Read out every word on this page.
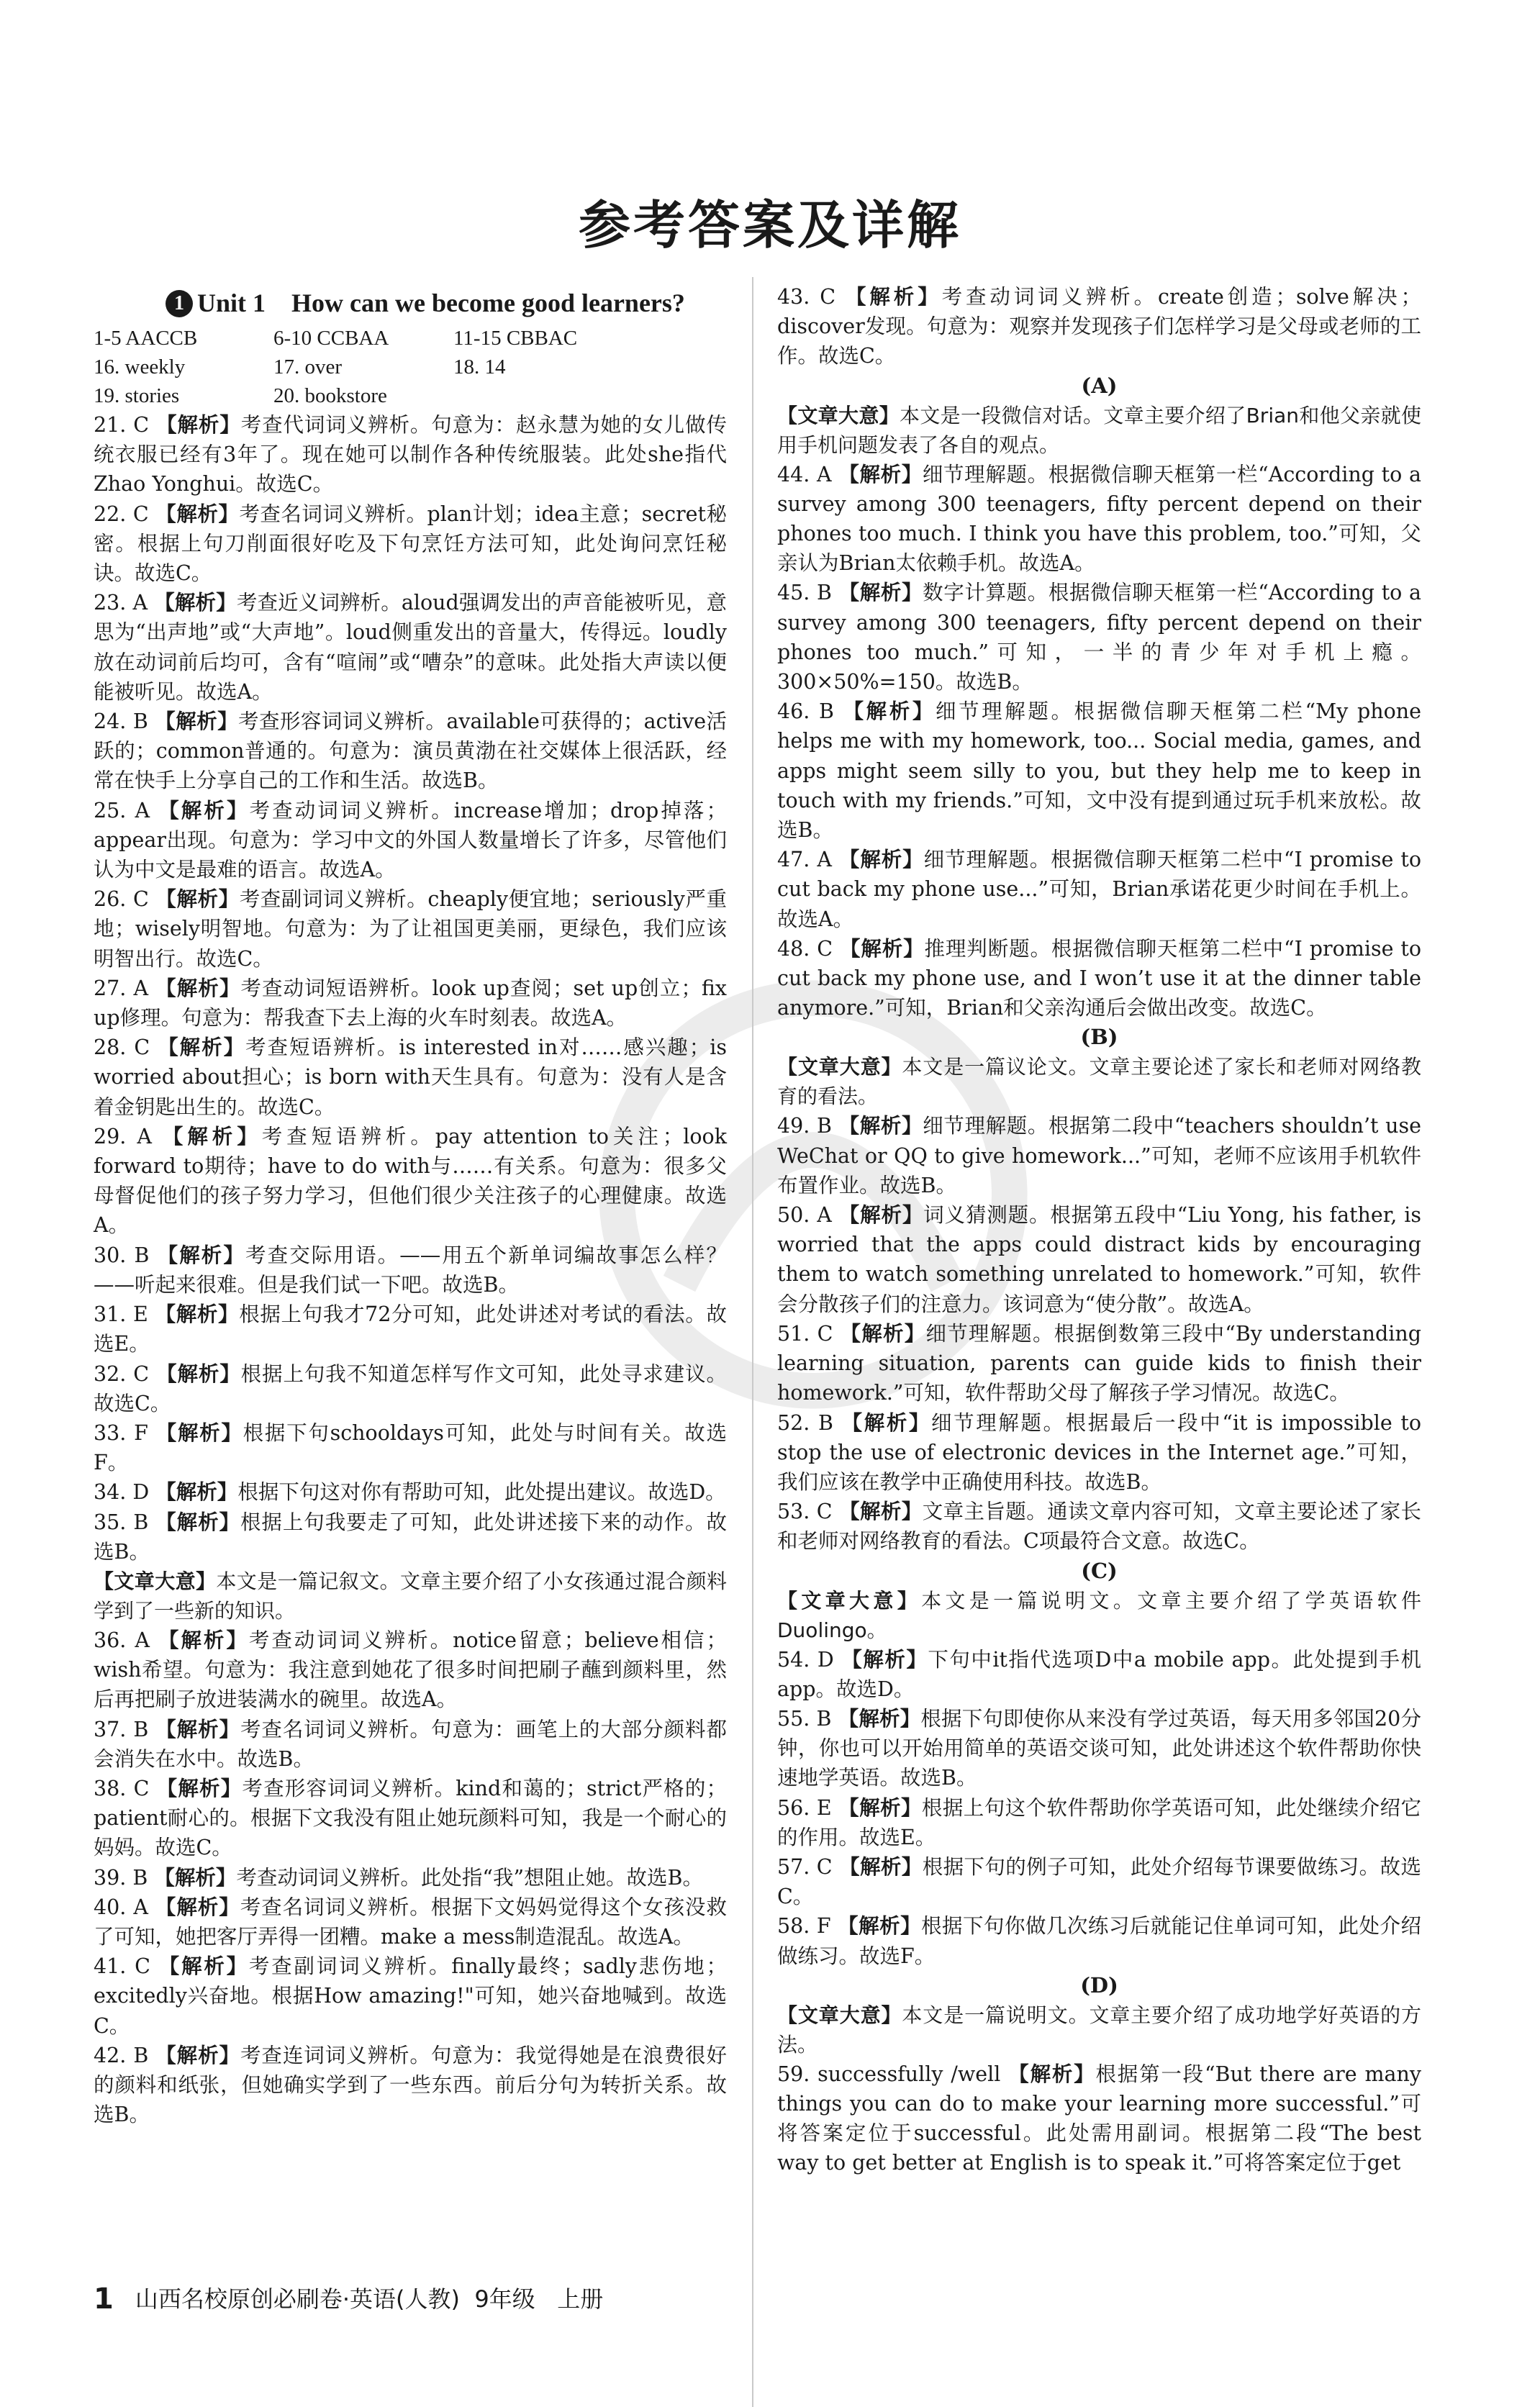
参考答案及详解
1 Unit 1 How can we become good learners?
1-5 AACCB	6-10 CCBAA	11-15 CBBAC
16. weekly	17. over	18. 14
19. stories	20. bookstore

21. C 【解析】考查代词词义辨析。句意为：赵永慧为她的女儿做传统衣服已经有3年了。现在她可以制作各种传统服装。此处she指代Zhao Yonghui。故选C。

22. C 【解析】考查名词词义辨析。plan计划；idea主意；secret秘密。根据上句刀削面很好吃及下句烹饪方法可知，此处询问烹饪秘诀。故选C。

23. A 【解析】考查近义词辨析。aloud强调发出的声音能被听见，意思为“出声地”或“大声地”。loud侧重发出的音量大，传得远。loudly放在动词前后均可，含有“喧闹”或“嘈杂”的意味。此处指大声读以便能被听见。故选A。

24. B 【解析】考查形容词词义辨析。available可获得的；active活跃的；common普通的。句意为：演员黄渤在社交媒体上很活跃，经常在快手上分享自己的工作和生活。故选B。

25. A 【解析】考查动词词义辨析。increase增加；drop掉落；appear出现。句意为：学习中文的外国人数量增长了许多，尽管他们认为中文是最难的语言。故选A。

26. C 【解析】考查副词词义辨析。cheaply便宜地；seriously严重地；wisely明智地。句意为：为了让祖国更美丽，更绿色，我们应该明智出行。故选C。

27. A 【解析】考查动词短语辨析。look up查阅；set up创立；fix up修理。句意为：帮我查下去上海的火车时刻表。故选A。

28. C 【解析】考查短语辨析。is interested in对……感兴趣；is worried about担心；is born with天生具有。句意为：没有人是含着金钥匙出生的。故选C。

29. A 【解析】考查短语辨析。pay attention to关注；look forward to期待；have to do with与……有关系。句意为：很多父母督促他们的孩子努力学习，但他们很少关注孩子的心理健康。故选A。

30. B 【解析】考查交际用语。——用五个新单词编故事怎么样？——听起来很难。但是我们试一下吧。故选B。

31. E 【解析】根据上句我才72分可知，此处讲述对考试的看法。故选E。

32. C 【解析】根据上句我不知道怎样写作文可知，此处寻求建议。故选C。

33. F 【解析】根据下句schooldays可知，此处与时间有关。故选F。

34. D 【解析】根据下句这对你有帮助可知，此处提出建议。故选D。

35. B 【解析】根据上句我要走了可知，此处讲述接下来的动作。故选B。

【文章大意】本文是一篇记叙文。文章主要介绍了小女孩通过混合颜料学到了一些新的知识。

36. A 【解析】考查动词词义辨析。notice留意；believe相信；wish希望。句意为：我注意到她花了很多时间把刷子蘸到颜料里，然后再把刷子放进装满水的碗里。故选A。

37. B 【解析】考查名词词义辨析。句意为：画笔上的大部分颜料都会消失在水中。故选B。

38. C 【解析】考查形容词词义辨析。kind和蔼的；strict严格的；patient耐心的。根据下文我没有阻止她玩颜料可知，我是一个耐心的妈妈。故选C。

39. B 【解析】考查动词词义辨析。此处指“我”想阻止她。故选B。

40. A 【解析】考查名词词义辨析。根据下文妈妈觉得这个女孩没救了可知，她把客厅弄得一团糟。make a mess制造混乱。故选A。

41. C 【解析】考查副词词义辨析。finally最终；sadly悲伤地；excitedly兴奋地。根据How amazing!"可知，她兴奋地喊到。故选C。

42. B 【解析】考查连词词义辨析。句意为：我觉得她是在浪费很好的颜料和纸张，但她确实学到了一些东西。前后分句为转折关系。故选B。

43. C 【解析】考查动词词义辨析。create创造；solve解决；discover发现。句意为：观察并发现孩子们怎样学习是父母或老师的工作。故选C。

(A)

【文章大意】本文是一段微信对话。文章主要介绍了Brian和他父亲就使用手机问题发表了各自的观点。

44. A 【解析】细节理解题。根据微信聊天框第一栏“According to a survey among 300 teenagers, fifty percent depend on their phones too much. I think you have this problem, too.”可知，父亲认为Brian太依赖手机。故选A。

45. B 【解析】数字计算题。根据微信聊天框第一栏“According to a survey among 300 teenagers, fifty percent depend on their phones too much.”可知，一半的青少年对手机上瘾。300×50%=150。故选B。

46. B 【解析】细节理解题。根据微信聊天框第二栏“My phone helps me with my homework, too... Social media, games, and apps might seem silly to you, but they help me to keep in touch with my friends.”可知，文中没有提到通过玩手机来放松。故选B。

47. A 【解析】细节理解题。根据微信聊天框第二栏中“I promise to cut back my phone use...”可知，Brian承诺花更少时间在手机上。故选A。

48. C 【解析】推理判断题。根据微信聊天框第二栏中“I promise to cut back my phone use, and I won’t use it at the dinner table anymore.”可知，Brian和父亲沟通后会做出改变。故选C。

(B)

【文章大意】本文是一篇议论文。文章主要论述了家长和老师对网络教育的看法。

49. B 【解析】细节理解题。根据第二段中“teachers shouldn’t use WeChat or QQ to give homework...”可知，老师不应该用手机软件布置作业。故选B。

50. A 【解析】词义猜测题。根据第五段中“Liu Yong, his father, is worried that the apps could distract kids by encouraging them to watch something unrelated to homework.”可知，软件会分散孩子们的注意力。该词意为“使分散”。故选A。

51. C 【解析】细节理解题。根据倒数第三段中“By understanding learning situation, parents can guide kids to finish their homework.”可知，软件帮助父母了解孩子学习情况。故选C。

52. B 【解析】细节理解题。根据最后一段中“it is impossible to stop the use of electronic devices in the Internet age.”可知，我们应该在教学中正确使用科技。故选B。

53. C 【解析】文章主旨题。通读文章内容可知，文章主要论述了家长和老师对网络教育的看法。C项最符合文意。故选C。

(C)

【文章大意】本文是一篇说明文。文章主要介绍了学英语软件Duolingo。

54. D 【解析】下句中it指代选项D中a mobile app。此处提到手机app。故选D。

55. B 【解析】根据下句即使你从来没有学过英语，每天用多邻国20分钟，你也可以开始用简单的英语交谈可知，此处讲述这个软件帮助你快速地学英语。故选B。

56. E 【解析】根据上句这个软件帮助你学英语可知，此处继续介绍它的作用。故选E。

57. C 【解析】根据下句的例子可知，此处介绍每节课要做练习。故选C。

58. F 【解析】根据下句你做几次练习后就能记住单词可知，此处介绍做练习。故选F。

(D)

【文章大意】本文是一篇说明文。文章主要介绍了成功地学好英语的方法。

59. successfully /well 【解析】根据第一段“But there are many things you can do to make your learning more successful.”可将答案定位于successful。此处需用副词。根据第二段“The best way to get better at English is to speak it.”可将答案定位于get

1 山西名校原创必刷卷·英语(人教) 9年级 上册
